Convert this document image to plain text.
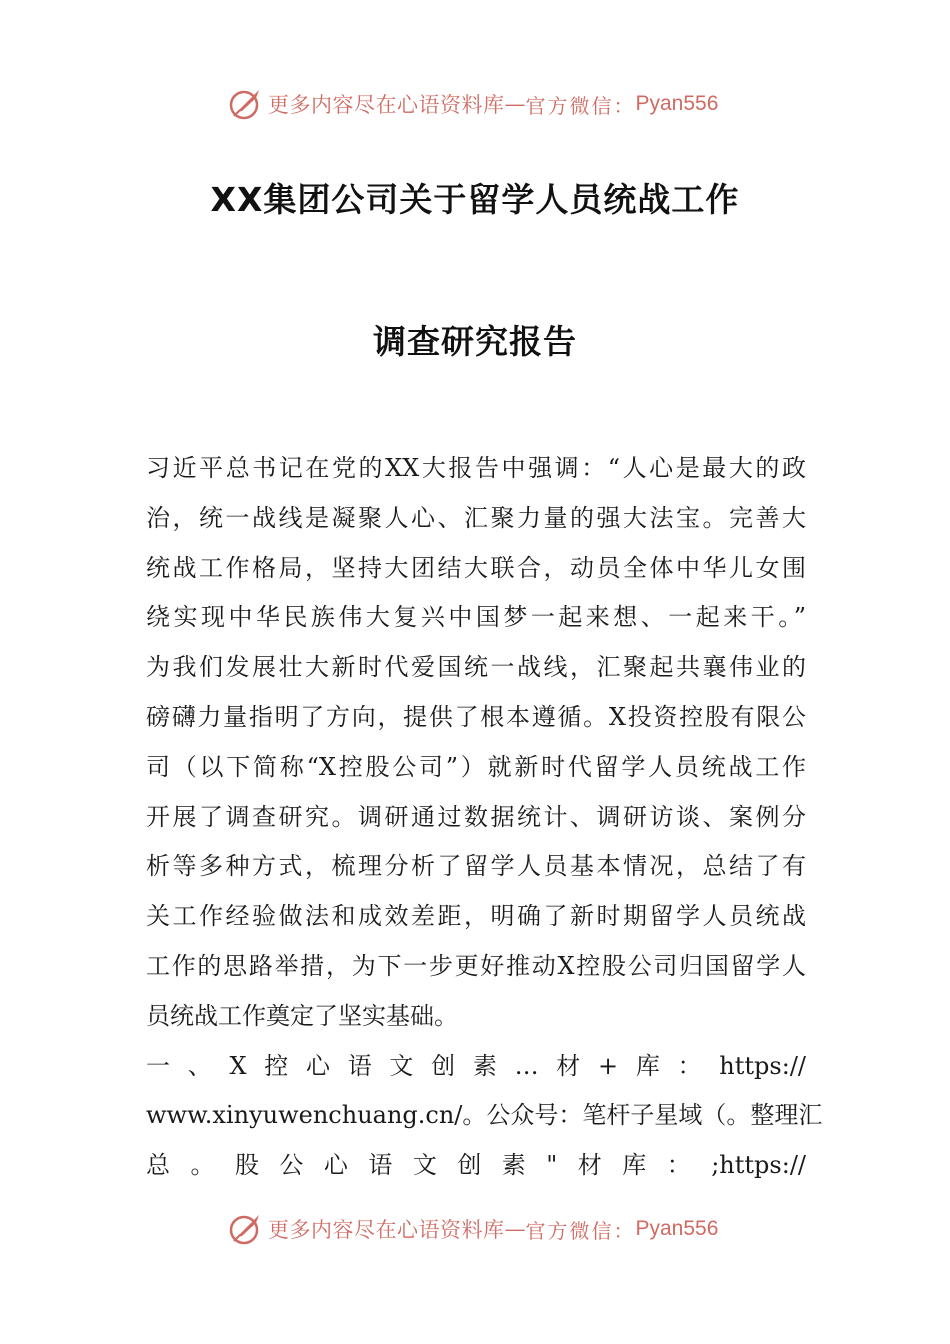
更多内容尽在心语资料库 — 官方微信： Pyan556
XX集团公司关于留学人员统战工作
调查研究报告
习近平总书记在党的XX大报告中强调：“人心是最大的政
治，统一战线是凝聚人心、汇聚力量的强大法宝。完善大
统战工作格局，坚持大团结大联合，动员全体中华儿女围
绕实现中华民族伟大复兴中国梦一起来想、一起来干。”
为我们发展壮大新时代爱国统一战线，汇聚起共襄伟业的
磅礴力量指明了方向，提供了根本遵循。X投资控股有限公
司（以下简称“X控股公司”）就新时代留学人员统战工作
开展了调查研究。调研通过数据统计、调研访谈、案例分
析等多种方式，梳理分析了留学人员基本情况，总结了有
关工作经验做法和成效差距，明确了新时期留学人员统战
工作的思路举措，为下一步更好推动X控股公司归国留学人
员统战工作奠定了坚实基础。
一、X控心语文创素…材+库：https://
www.xinyuwenchuang.cn/。公众号：笔杆子星域（。整理汇
总。股公心语文创素"材库：;https://
更多内容尽在心语资料库 — 官方微信： Pyan556
